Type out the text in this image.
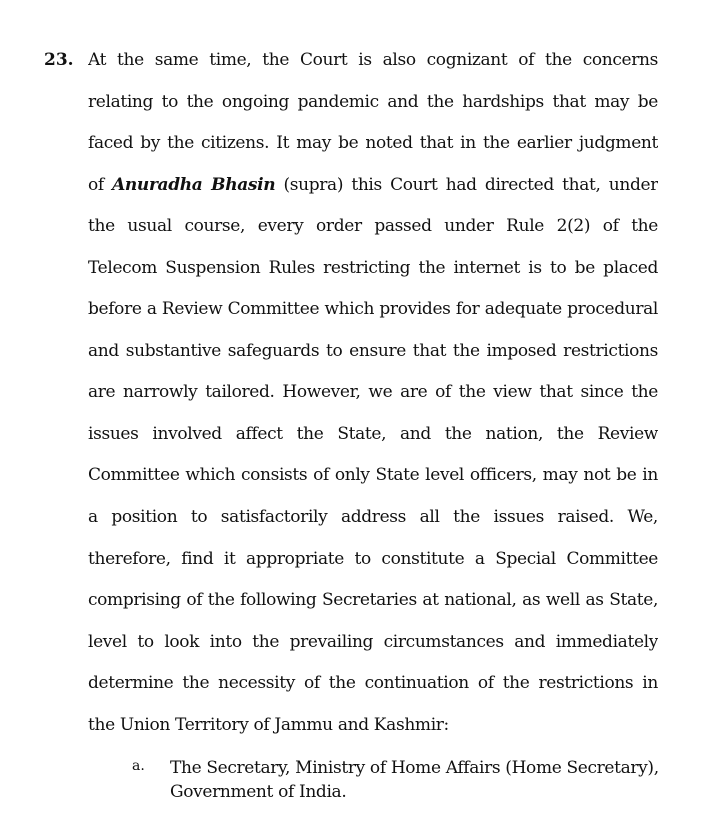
23. At the same time, the Court is also cognizant of the concerns
relating to the ongoing pandemic and the hardships that may be
faced by the citizens. It may be noted that in the earlier judgment
of Anuradha Bhasin (supra) this Court had directed that, under
the usual course, every order passed under Rule 2(2) of the
Telecom Suspension Rules restricting the internet is to be placed
before a Review Committee which provides for adequate procedural
and substantive safeguards to ensure that the imposed restrictions
are narrowly tailored. However, we are of the view that since the
issues involved affect the State, and the nation, the Review
Committee which consists of only State level officers, may not be in
a position to satisfactorily address all the issues raised. We,
therefore, find it appropriate to constitute a Special Committee
comprising of the following Secretaries at national, as well as State,
level to look into the prevailing circumstances and immediately
determine the necessity of the continuation of the restrictions in
the Union Territory of Jammu and Kashmir:
a. The Secretary, Ministry of Home Affairs (Home Secretary),
Government of India.
